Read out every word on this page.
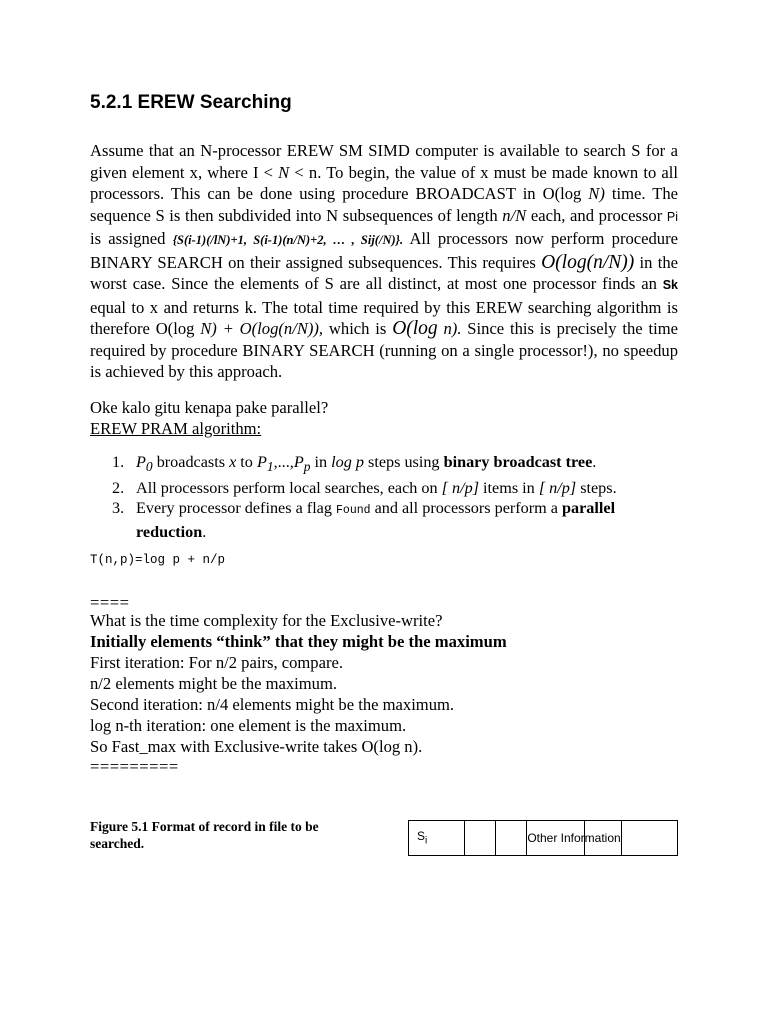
5.2.1 EREW Searching

Assume that an N-processor EREW SM SIMD computer is available to search S for a given element x, where I < N < n. To begin, the value of x must be made known to all processors. This can be done using procedure BROADCAST in O(log N) time. The sequence S is then subdivided into N subsequences of length n/N each, and processor Pi is assigned {S(i-1)(/lN)+1, S(i-1)(n/N)+2, … , Sij(/N)}. All processors now perform procedure BINARY SEARCH on their assigned subsequences. This requires O(log(n/N)) in the worst case. Since the elements of S are all distinct, at most one processor finds an Sk equal to x and returns k. The total time required by this EREW searching algorithm is therefore O(log N) + O(log(n/N)), which is O(log n). Since this is precisely the time required by procedure BINARY SEARCH (running on a single processor!), no speedup is achieved by this approach.

Oke kalo gitu kenapa pake parallel?
EREW PRAM algorithm:
1. $P_0$ broadcasts x to $P_1,...,P_p$ in log p steps using binary broadcast tree.
2. All processors perform local searches, each on [ n/p] items in [ n/p] steps.
3. Every processor defines a flag Found and all processors perform a parallel reduction.
T(n,p)=log p + n/p
====
What is the time complexity for the Exclusive-write?
Initially elements “think” that they might be the maximum
First iteration: For n/2 pairs, compare.
n/2 elements might be the maximum.
Second iteration: n/4 elements might be the maximum.
log n-th iteration: one element is the maximum.
So Fast_max with Exclusive-write takes O(log n).
=========

Figure 5.1 Format of record in file to be searched.	$S_i$			Other Information	
